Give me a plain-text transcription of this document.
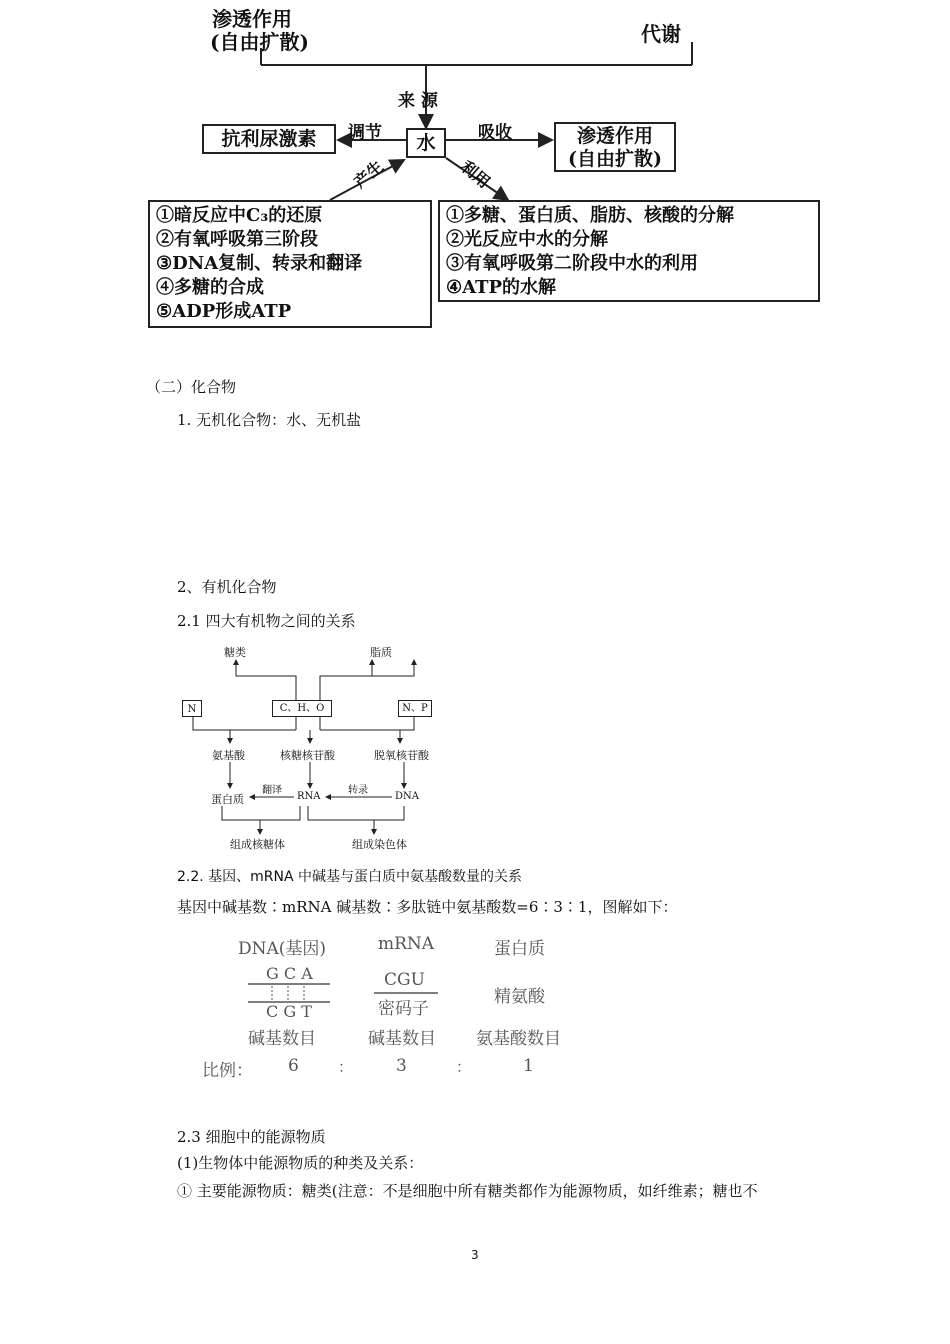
渗透作用
(自由扩散)	代谢
来 源
水
调节
抗利尿激素	吸收	渗透作用
(自由扩散)
产生	利用
①暗反应中C₃的还原
②有氧呼吸第三阶段
③DNA复制、转录和翻译
④多糖的合成
⑤ADP形成ATP
①多糖、蛋白质、脂肪、核酸的分解
②光反应中水的分解
③有氧呼吸第二阶段中水的利用
④ATP的水解
（二）化合物
1. 无机化合物：水、无机盐
2、有机化合物
2.1 四大有机物之间的关系
糖类	脂质
N	C、H、O	N、P
氨基酸	核糖核苷酸	脱氧核苷酸
蛋白质	RNA	DNA
翻译	转录
组成核糖体	组成染色体
2.2. 基因、mRNA 中碱基与蛋白质中氨基酸数量的关系
基因中碱基数∶mRNA 碱基数∶多肽链中氨基酸数=6∶3∶1，图解如下：
DNA(基因)	mRNA	蛋白质
G C A
C G T
CGU
密码子
精氨酸
碱基数目	碱基数目 氨基酸数目
比例： 6	：	3	：	1
2.3 细胞中的能源物质
(1)生物体中能源物质的种类及关系：
① 主要能源物质：糖类(注意：不是细胞中所有糖类都作为能源物质，如纤维素；糖也不
3
